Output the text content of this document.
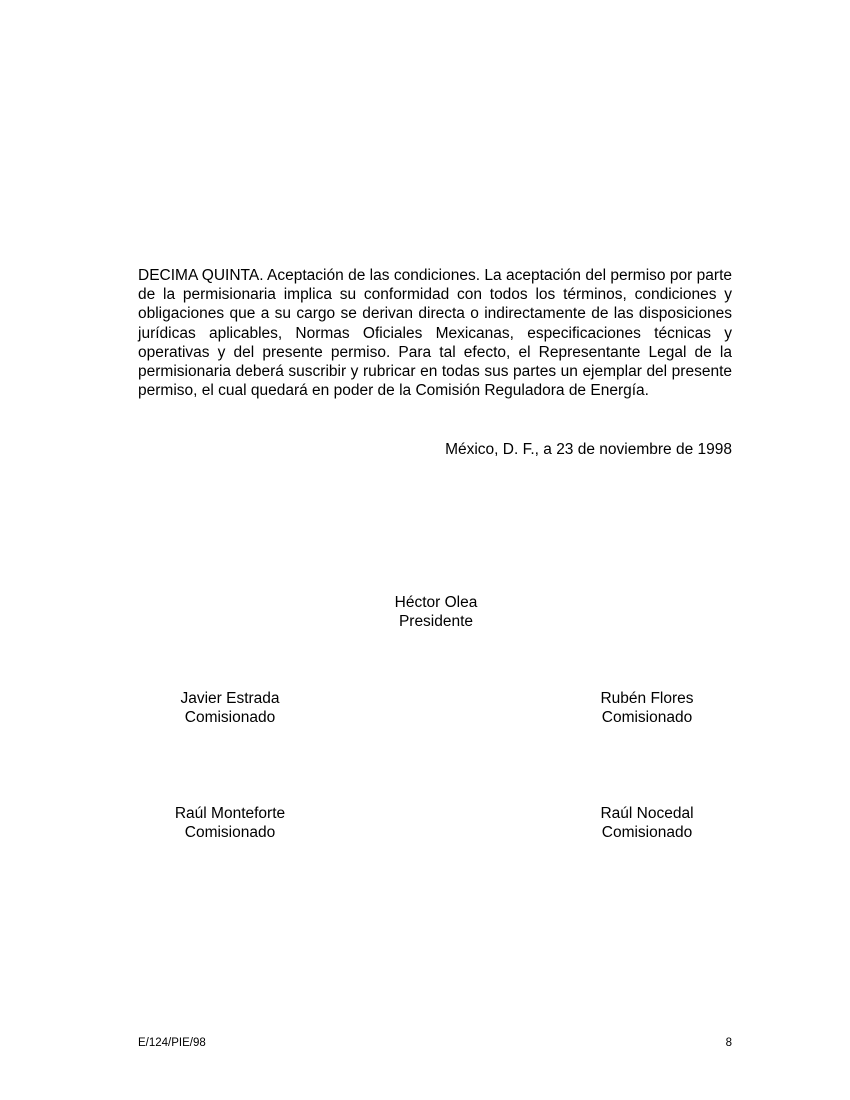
DECIMA QUINTA. Aceptación de las condiciones. La aceptación del permiso por parte de la permisionaria implica su conformidad con todos los términos, condiciones y obligaciones que a su cargo se derivan directa o indirectamente de las disposiciones jurídicas aplicables, Normas Oficiales Mexicanas, especificaciones técnicas y operativas y del presente permiso. Para tal efecto, el Representante Legal de la permisionaria deberá suscribir y rubricar en todas sus partes un ejemplar del presente permiso, el cual quedará en poder de la Comisión Reguladora de Energía.

México, D. F., a 23 de noviembre de 1998

Héctor Olea
Presidente
Javier Estrada
Comisionado
Rubén Flores
Comisionado
Raúl Monteforte
Comisionado
Raúl Nocedal
Comisionado
E/124/PIE/98	8
